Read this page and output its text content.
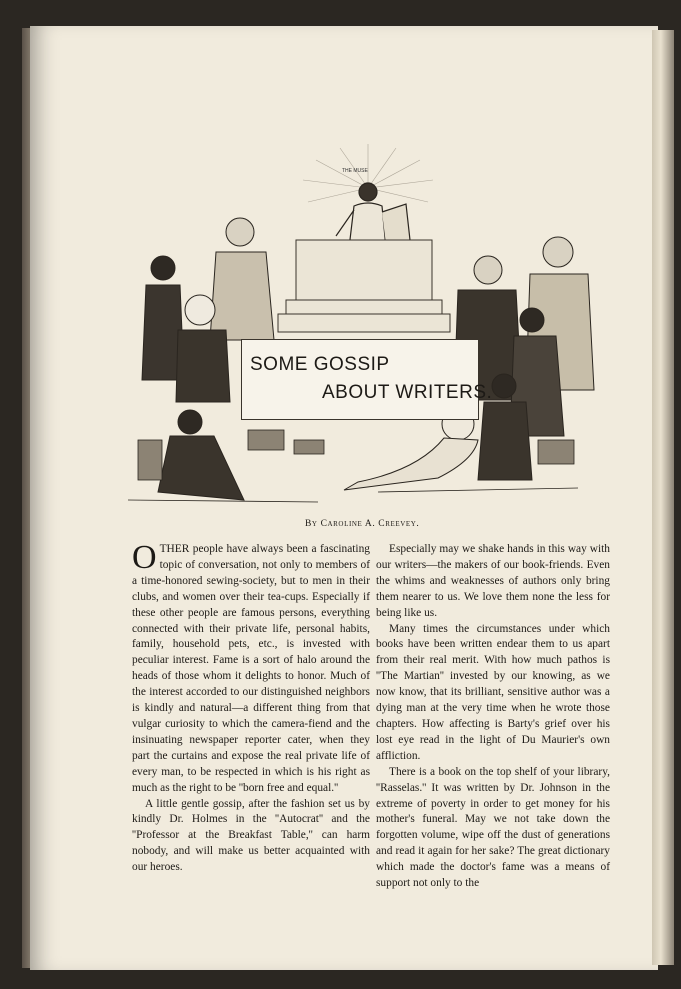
THE MUSE
SOME GOSSIP
ABOUT WRITERS.
By Caroline A. Creevey.

OTHER people have always been a fascinating topic of conversation, not only to members of a time-honored sewing-society, but to men in their clubs, and women over their tea-cups. Especially if these other people are famous persons, everything connected with their private life, personal habits, family, household pets, etc., is invested with peculiar interest. Fame is a sort of halo around the heads of those whom it delights to honor. Much of the interest accorded to our distinguished neighbors is kindly and natural—a different thing from that vulgar curiosity to which the camera-fiend and the insinuating newspaper reporter cater, when they part the curtains and expose the real private life of every man, to be respected in which is his right as much as the right to be ''born free and equal.''

A little gentle gossip, after the fashion set us by kindly Dr. Holmes in the ''Autocrat'' and the ''Professor at the Breakfast Table,'' can harm nobody, and will make us better acquainted with our heroes.

Especially may we shake hands in this way with our writers—the makers of our book-friends. Even the whims and weaknesses of authors only bring them nearer to us. We love them none the less for being like us.

Many times the circumstances under which books have been written endear them to us apart from their real merit. With how much pathos is ''The Martian'' invested by our knowing, as we now know, that its brilliant, sensitive author was a dying man at the very time when he wrote those chapters. How affecting is Barty's grief over his lost eye read in the light of Du Maurier's own affliction.

There is a book on the top shelf of your library, ''Rasselas.'' It was written by Dr. Johnson in the extreme of poverty in order to get money for his mother's funeral. May we not take down the forgotten volume, wipe off the dust of generations and read it again for her sake? The great dictionary which made the doctor's fame was a means of support not only to the
